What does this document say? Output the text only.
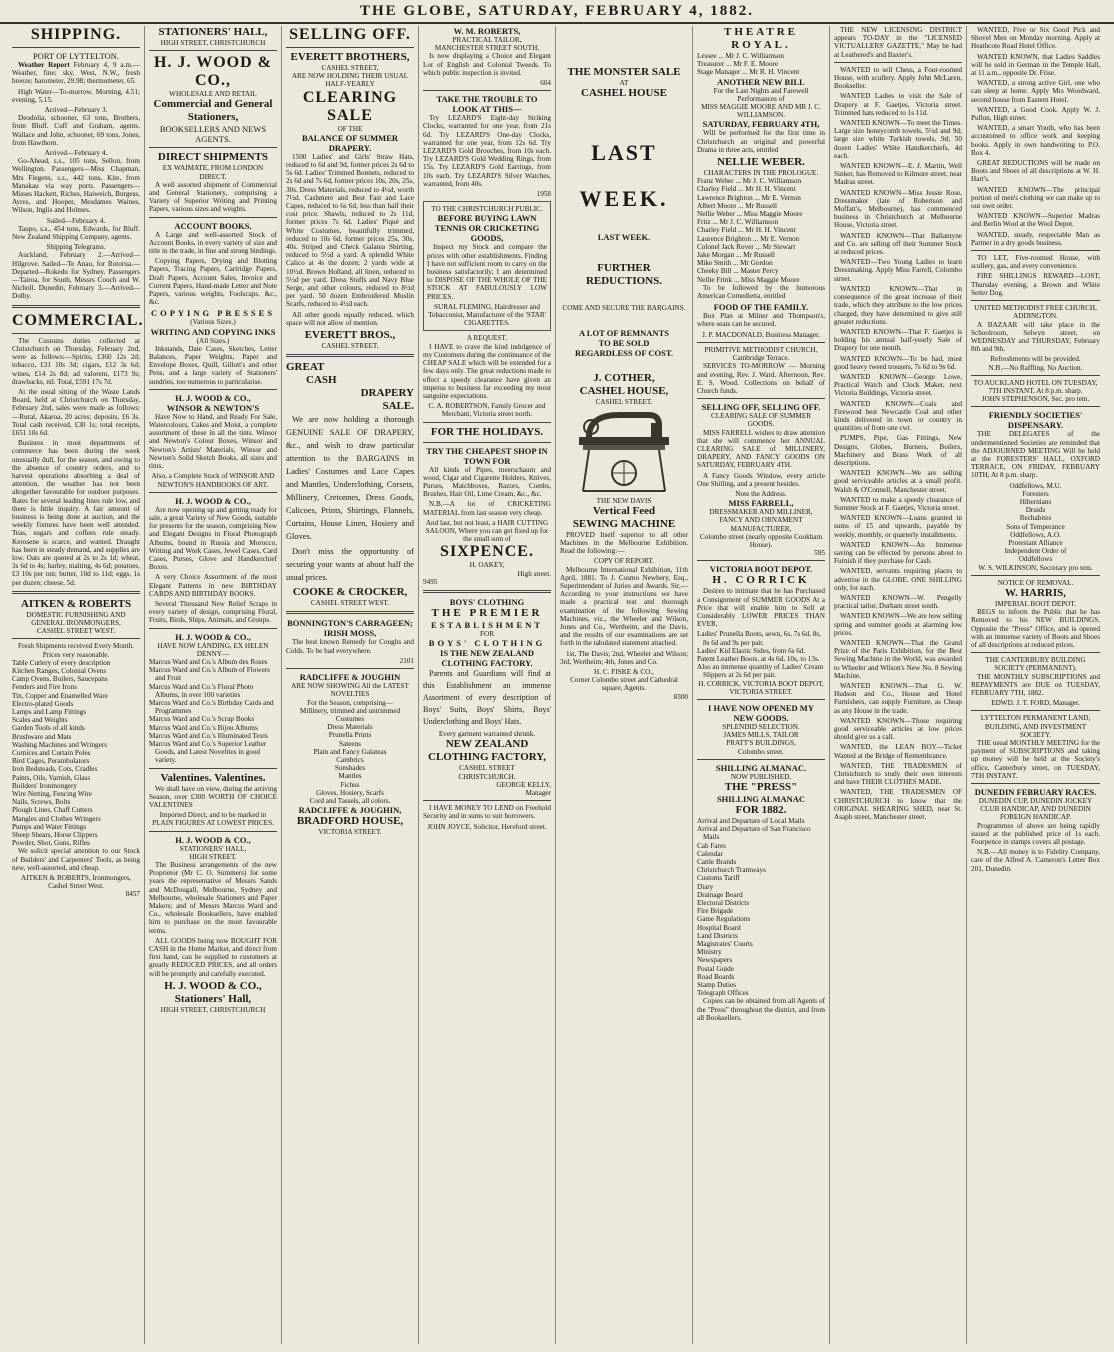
THE GLOBE, SATURDAY, FEBRUARY 4, 1882.
SHIPPING.
PORT OF LYTTELTON.
Weather Report February 4, 9 a.m.—Weather, fine; sky, West, N.W., fresh breeze; barometer, 29.98; thermometer, 65.
High Water—To-morrow. Morning, 4.51; evening, 5.15.
Arrived—February 3.
Deodolia, schooner, 63 tons, Brothers, from Bluff. Cuff and Graham, agents. Wallace and John, schooner, 69 tons, Jones, from Hawthorn.
Arrived—February 4.
Go-Ahead, s.s., 105 tons, Sellon, from Wellington. Passengers—Miss Chapman, Mrs Fiegens, s.s., 442 tons, Kite, from Manakau via way ports. Passengers—Misses Hackett, Riches, Haiweich, Burgess, Ayres, and Hooper, Mesdames Waines, Wilson, Inglis and Holmes.
Sailed—February 4.
Taupo, s.s., 454 tons, Edwards, for Bluff. New Zealand Shipping Company, agents.
Shipping Telegrams.
Auckland, February 2.—Arrived—Hilgrove. Sailed—Te Anau, for Rotorua.—Departed—Rokedu for Sydney. Passengers—Tairoa, for South, Messrs Cooch and W. Nicholl. Dunedin, February 3.—Arrived—Dolby.
COMMERCIAL.
The Customs duties collected at Christchurch on Thursday, February 2nd, were as follows:—Spirits, £360 12s 2d; tobacco, £31 10s 3d; cigars, £12 3s 6d; wines, £14 2s 8d; ad valorem, £173 9s; drawbacks, nil. Total, £591 17s 7d.
At the usual sitting of the Waste Lands Board, held at Christchurch on Thursday, February 2nd, sales were made as follows:—Rural, Akaroa, 20 acres; deposits, £6 3s. Total cash received, £30 1s; total receipts, £651 10s 6d.
Business in most departments of commerce has been during the week unusually dull, for the season, and owing to the absence of country orders, and to harvest operations absorbing a deal of attention, the weather has not been altogether favourable for outdoor purposes. Rates for several leading lines rule low, and there is little inquiry. A fair amount of business is being done at auction, and the weekly fixtures have been well attended. Teas, sugars and coffees rule steady. Kerosene is scarce, and wanted. Draught has been in steady demand, and supplies are low. Oats are quoted at 2s to 2s 1d; wheat, 3s 6d to 4s; barley, malting, 4s 6d; potatoes, £3 10s per ton; butter, 10d to 11d; eggs, 1s per dozen; cheese, 5d.
AITKEN & ROBERTS
DOMESTIC FURNISHING AND GENERAL IRONMONGERS,
CASHEL STREET WEST.
Fresh Shipments received Every Month. Prices very reasonable.
Table Cutlery of every description
Kitchen Ranges, Colonial Ovens
Camp Ovens, Boilers, Saucepans
Fenders and Fire Irons
Tin, Copper and Enamelled Ware
Electro-plated Goods
Lamps and Lamp Fittings
Scales and Weights
Garden Tools of all kinds
Brushware and Mats
Washing Machines and Wringers
Cornices and Curtain Poles
Bird Cages, Perambulators
Iron Bedsteads, Cots, Cradles
Paints, Oils, Varnish, Glass
Builders' Ironmongery
Wire Netting, Fencing Wire
Nails, Screws, Bolts
Plough Lines, Chaff Cutters
Mangles and Clothes Wringers
Pumps and Water Fittings
Sheep Shears, Horse Clippers
Powder, Shot, Guns, Rifles
We solicit special attention to our Stock of Builders' and Carpenters' Tools, as being new, well-assorted, and cheap.
AITKEN & ROBERTS, Ironmongers, Cashel Street West.
8457
STATIONERS' HALL,
HIGH STREET, CHRISTCHURCH
H. J. WOOD & CO.,
WHOLESALE AND RETAIL
Commercial and General Stationers,
BOOKSELLERS AND NEWS AGENTS.
DIRECT SHIPMENTS
EX WAIMATE, FROM LONDON DIRECT.
A well assorted shipment of Commercial and General Stationery, comprising a Variety of Superior Writing and Printing Papers, various sizes and weights.
ACCOUNT BOOKS.
A Large and well-assorted Stock of Account Books, in every variety of size and title in the trade, in fine and strong bindings.
Copying Papers, Drying and Blotting Papers, Tracing Papers, Cartridge Papers, Draft Papers, Account Sales, Invoice and Current Papers, Hand-made Letter and Note Papers, various weights, Foolscaps, &c., &c.
COPYING PRESSES
(Various Sizes.)
WRITING AND COPYING INKS
(All Sizes.)
Inkstands, Date Cases, Sketches, Letter Balances, Paper Weights, Paper and Envelope Boxes, Quill, Gillott's and other Pens, and a large variety of Stationers' sundries, too numerous to particularise.
H. J. WOOD & CO.,
WINSOR & NEWTON'S
Have Now to Hand, and Ready For Sale, Watercolours, Cakes and Moist, a complete assortment of these in all the tints. Winsor and Newton's Colour Boxes, Winsor and Newton's Artists' Materials, Winsor and Newton's Solid Sketch Books, all sizes and tints.
Also, a Complete Stock of WINSOR AND NEWTON'S HANDBOOKS OF ART.
H. J. WOOD & CO.,
Are now opening up and getting ready for sale, a great Variety of New Goods, suitable for presents for the season, comprising New and Elegant Designs in Floral Photograph Albums, bound in Russia and Morocco, Writing and Work Cases, Jewel Cases, Card Cases, Purses, Glove and Handkerchief Boxes.
A very Choice Assortment of the most Elegant Patterns in new BIRTHDAY CARDS AND BIRTHDAY BOOKS.
Several Thousand New Relief Scraps in every variety of design, comprising Floral, Fruits, Birds, Ships, Animals, and Groups.
H. J. WOOD & CO.,
HAVE NOW LANDING, EX HELEN DENNY—
Marcus Ward and Co.'s Album des Roses
Marcus Ward and Co.'s Album of Flowers and Fruit
Marcus Ward and Co.'s Floral Photo Albums, in over 100 varieties
Marcus Ward and Co.'s Birthday Cards and Programmes
Marcus Ward and Co.'s Scrap Books
Marcus Ward and Co.'s Bijou Albums
Marcus Ward and Co.'s Illuminated Texts
Marcus Ward and Co.'s Superior Leather Goods, and Latest Novelties in good variety.
Valentines. Valentines.
We shall have on view, during the arriving Season, over £300 WORTH OF CHOICE VALENTINES
Imported Direct, and to be marked in PLAIN FIGURES AT LOWEST PRICES.
H. J. WOOD & CO.,
STATIONERS' HALL,
HIGH STREET.
The Business arrangements of the new Proprietor (Mr C. O. Summers) for some years the representative of Messrs Sands and McDougall, Melbourne, Sydney and Melbourne, wholesale Stationers and Paper Makers; and of Messrs Marcus Ward and Co., wholesale Booksellers, have enabled him to purchase on the most favourable terms.
ALL GOODS being now BOUGHT FOR CASH in the Home Market, and direct from first hand, can be supplied to customers at greatly REDUCED PRICES, and all orders will be promptly and carefully executed.
H. J. WOOD & CO.,
Stationers' Hall,
HIGH STREET, CHRISTCHURCH
SELLING OFF.
EVERETT BROTHERS,
CASHEL STREET,
ARE NOW HOLDING THEIR USUAL HALF-YEARLY
CLEARING SALE
OF THE
BALANCE OF SUMMER DRAPERY.
1500 Ladies' and Girls' Straw Hats, reduced to 6d and 9d, former prices 2s 6d to 5s 6d. Ladies' Trimmed Bonnets, reduced to 2s 6d and 7s 6d, former prices 10s, 20s, 25s, 30s. Dress Materials, reduced to 4½d, worth 7½d. Cashmere and Best Fast and Lace Capes, reduced to 6s 6d, less than half their cost price. Shawls, reduced to 2s 11d, former prices 7s 6d. Ladies' Piqué and White Costumes, beautifully trimmed, reduced to 10s 6d, former prices 25s, 30s, 40s. Striped and Check Galatea Shirting, reduced to 5½d a yard. A splendid White Calico at 4s the dozen; 2 yards wide at 10½d. Brown Holland, all linen, reduced to 5½d per yard. Dress Stuffs and Navy Blue Serge, and other colours, reduced to 8½d per yard. 50 dozen Embroidered Muslin Scarfs, reduced to 4½d each.
All other goods equally reduced, which space will not allow of mention.
EVERETT BROS.,
CASHEL STREET.
GREAT
CASH
DRAPERY
SALE.
We are now holding a thorough GENUINE SALE OF DRAPERY, &c., and wish to draw particular attention to the BARGAINS in Ladies' Costumes and Lace Capes and Mantles, Underclothing, Corsets, Millinery, Cretonnes, Dress Goods, Calicoes, Prints, Shirtings, Flannels, Curtains, House Linen, Hosiery and Gloves.
Don't miss the opportunity of securing your wants at about half the usual prices.
COOKE & CROCKER,
CASHEL STREET WEST.
BONNINGTON'S CARRAGEEN; IRISH MOSS,
The best known Remedy for Coughs and Colds. To be had everywhere.
2101
RADCLIFFE & JOUGHIN
ARE NOW SHOWING All the LATEST NOVELTIES
For the Season, comprising—
Millinery, trimmed and untrimmed
Costumes
Dress Materials
Prunella Prints
Sateens
Plain and Fancy Galateas
Cambrics
Sunshades
Mantles
Fichus
Gloves, Hosiery, Scarfs
Cord and Tassels, all colors.
RADCLIFFE & JOUGHIN,
BRADFORD HOUSE,
VICTORIA STREET.
W. M. ROBERTS,
PRACTICAL TAILOR,
MANCHESTER STREET SOUTH,
Is now displaying a Choice and Elegant Lot of English and Colonial Tweeds. To which public inspection is invited.
604
TAKE THE TROUBLE TO LOOK AT THIS—
Try LEZARD'S Eight-day Striking Clocks, warranted for one year, from 21s 6d. Try LEZARD'S One-day Clocks, warranted for one year, from 12s 6d. Try LEZARD'S Gold Brooches, from 10s each. Try LEZARD'S Gold Wedding Rings, from 15s. Try LEZARD'S Gold Earrings, from 10s each. Try LEZARD'S Silver Watches, warranted, from 40s.
1958
TO THE CHRISTCHURCH PUBLIC.
BEFORE BUYING LAWN TENNIS OR CRICKETING GOODS,
Inspect my Stock and compare the prices with other establishments. Finding I have not sufficient room to carry on the business satisfactorily, I am determined to DISPOSE OF THE WHOLE OF THE STOCK AT FABULOUSLY LOW PRICES.
SURAL FLEMING, Hairdresser and Tobacconist, Manufacturer of the 'STAR' CIGARETTES.
A REQUEST.
I HAVE to crave the kind indulgence of my Customers during the continuance of the CHEAP SALE which will be extended for a few days only. The great reductions made to effect a speedy clearance have given an impetus to business far exceeding my most sanguine expectations.
C. A. ROBERTSON, Family Grocer and Merchant, Victoria street north.
FOR THE HOLIDAYS.
TRY THE CHEAPEST SHOP IN TOWN FOR
All kinds of Pipes, meerschaum and wood, Cigar and Cigarette Holders, Knives, Purses, Matchboxes, Razors, Combs, Brushes, Hair Oil, Lime Cream, &c., &c.
N.B.—A lot of CRICKETING MATERIAL from last season very cheap.
And last, but not least, a HAIR CUTTING SALOON, Where you can get fixed up for the small sum of
SIXPENCE.
H. OAKEY,
High street.
9495
BOYS' CLOTHING
THE PREMIER
ESTABLISHMENT
FOR
BOYS' CLOTHING
IS THE NEW ZEALAND CLOTHING FACTORY.
Parents and Guardians will find at this Establishment an immense Assortment of every description of Boys' Suits, Boys' Shirts, Boys' Underclothing and Boys' Hats.
Every garment warranted shrunk.
NEW ZEALAND CLOTHING FACTORY,
CASHEL STREET
CHRISTCHURCH.
GEORGE KELLY,
Manager
I HAVE MONEY TO LEND on Freehold Security and in sums to suit borrowers.
JOHN JOYCE, Solicitor, Hereford street.
THE MONSTER SALE
AT
CASHEL HOUSE
LAST
WEEK.
LAST WEEK.
FURTHER
REDUCTIONS.
COME AND SECURE THE BARGAINS.
A LOT OF REMNANTS
TO BE SOLD
REGARDLESS OF COST.
J. COTHER,
CASHEL HOUSE,
CASHEL STREET.
THE NEW DAVIS
Vertical Feed
SEWING MACHINE
PROVED Itself superior to all other Machines in the Melbourne Exhibition. Read the following:—
COPY OF REPORT.
Melbourne International Exhibition, 11th April, 1881. To J. Cosmo Newbery, Esq., Superintendent of Juries and Awards. Sir,—According to your instructions we have made a practical test and thorough examination of the following Sewing Machines, viz., the Wheeler and Wilson, Jones and Co., Wertheim, and the Davis, and the results of our examinations are set forth in the tabulated statement attached.
1st, The Davis; 2nd, Wheeler and Wilson; 3rd, Wertheim; 4th, Jones and Co.
H. C. FISKE & CO.,
Corner Colombo street and Cathedral square, Agents.
8300
THEATRE ROYAL.
Lessee ... Mr J. C. Williamson
Treasurer ... Mr F. E. Moore
Stage Manager ... Mr R. H. Vincent
ANOTHER NEW BILL
For the Last Nights and Farewell Performances of
MISS MAGGIE MOORE AND MR J. C. WILLIAMSON.
SATURDAY, FEBRUARY 4TH,
Will be performed for the first time in Christchurch an original and powerful Drama in three acts, entitled
NELLIE WEBER.
CHARACTERS IN THE PROLOGUE.
Franz Weber ... Mr J. C. Williamson
Charley Field ... Mr H. H. Vincent
Lawrence Brighton ... Mr E. Vernon
Albert Moore ... Mr Russell
Nellie Weber ... Miss Maggie Moore
Fritz ... Mr J. C. Williamson
Charley Field ... Mr H. H. Vincent
Laurence Brighton ... Mr E. Vernon
Colonel Jack Rover ... Mr Stewart
Jake Morgan ... Mr Russell
Mike Smith ... Mr Gordon
Cheeky Bill ... Master Percy
Nellie Frink ... Miss Maggie Moore
To be followed by the humorous American Comedietta, entitled
FOOD OF THE FAMILY.
Box Plan at Milner and Thompson's, where seats can be secured.
J. P. MACDONALD, Business Manager.
PRIMITIVE METHODIST CHURCH, Cambridge Terrace.
SERVICES TO-MORROW — Morning and evening, Rev. J. Ward. Afternoon, Rev. E. S. Wood. Collections on behalf of Church funds.
SELLING OFF, SELLING OFF.
CLEARING SALE OF SUMMER GOODS.
MISS FARRELL wishes to draw attention that she will commence her ANNUAL CLEARING SALE of MILLINERY, DRAPERY, AND FANCY GOODS ON SATURDAY, FEBRUARY 4TH.
A Fancy Goods Window, every article One Shilling, and a present besides.
Note the Address.
MISS FARRELL,
DRESSMAKER AND MILLINER, FANCY AND ORNAMENT MANUFACTURER,
Colombo street (nearly opposite Cookham House).
595
VICTORIA BOOT DEPOT.
H. CORRICK
Desires to intimate that he has Purchased a Consignment of SUMMER GOODS At a Price that will enable him to Sell at Considerably LOWER PRICES THAN EVER.
Ladies' Prunella Boots, sewn, 6s, 7s 6d, 8s, 8s 6d and 9s per pair.
Ladies' Kid Elastic Sides, from 6s 6d.
Patent Leather Boots, at 4s 6d, 10s, to 13s.
Also an immense quantity of Ladies' Cream Slippers at 2s 6d per pair.
H. CORRICK, VICTORIA BOOT DEPOT, VICTORIA STREET.
I HAVE NOW OPENED MY NEW GOODS.
SPLENDID SELECTION.
JAMES MILLS, TAILOR
PRATT'S BUILDINGS,
Colombo street.
SHILLING ALMANAC.
NOW PUBLISHED,
THE "PRESS"
SHILLING ALMANAC
FOR 1882.
Arrival and Departure of Local Mails
Arrival and Departure of San Francisco Mails
Cab Fares
Calendar
Cattle Brands
Christchurch Tramways
Customs Tariff
Diary
Drainage Board
Electoral Districts
Fire Brigade
Game Regulations
Hospital Board
Land Districts
Magistrates' Courts
Ministry
Newspapers
Postal Guide
Road Boards
Stamp Duties
Telegraph Offices
Copies can be obtained from all Agents of the "Press" throughout the district, and from all Booksellers.
THE NEW LICENSING DISTRICT appears TO-DAY in the "LICENSED VICTUALLERS' GAZETTE," May be had at Leathered's and Baxter's.
WANTED to sell Chess, a Four-roomed House, with scullery. Apply John McLaren, Bookseller.
WANTED Ladies to visit the Sale of Drapery at F. Gaetjes, Victoria street. Trimmed hats reduced to 1s 11d.
WANTED KNOWN—To meet the Times. Large size honeycomb towels, 5½d and 9d; large size white Turkish towels, 9d; 50 dozen Ladies' White Handkerchiefs, 4d each.
WANTED KNOWN—E. J. Martin, Well Sinker, has Removed to Kilmore street, near Madras street.
WANTED KNOWN—Miss Jessie Rose, Dressmaker (late of Robertson and Moffatt's, Melbourne), has commenced business in Christchurch at Melbourne House, Victoria street.
WANTED KNOWN—That Ballantyne and Co. are selling off their Summer Stock at reduced prices.
WANTED—Two Young Ladies to learn Dressmaking. Apply Miss Farrell, Colombo street.
WANTED KNOWN—That in consequence of the great increase of their trade, which they attribute to the low prices charged, they have determined to give still greater reductions.
WANTED KNOWN—That F. Gaetjes is holding his annual half-yearly Sale of Drapery for one month.
WANTED KNOWN—To be had, most good heavy tweed trousers, 7s 6d to 9s 6d.
WANTED KNOWN—George Lowe, Practical Watch and Clock Maker, next Victoria Buildings, Victoria street.
WANTED KNOWN—Coals and Firewood best Newcastle Coal and other kinds delivered in town or country in quantities of from one cwt.
PUMPS, Pipe, Gas Fittings, New Designs, Globes, Burners, Boilers, Machinery and Brass Work of all descriptions.
WANTED KNOWN—We are selling good serviceable articles at a small profit. Walsh & O'Connell, Manchester street.
WANTED to make a speedy clearance of Summer Stock at F. Gaetjes, Victoria street.
WANTED KNOWN—Loans granted in sums of £5 and upwards, payable by weekly, monthly, or quarterly installments.
WANTED KNOWN—An Immense saving can be effected by persons about to Furnish if they purchase for Cash.
WANTED, servants requiring places to advertise in the GLOBE. ONE SHILLING only, for each.
WANTED KNOWN—W. Pengelly practical tailor, Durham street south.
WANTED KNOWN—We are now selling spring and summer goods at alarming low prices.
WANTED KNOWN—That the Grand Prize of the Paris Exhibition, for the Best Sewing Machine in the World, was awarded to Wheeler and Wilson's New No. 8 Sewing Machine.
WANTED KNOWN—That G. W. Hudson and Co., House and Hotel Furnishers, can supply Furniture, as Cheap as any House in the trade.
WANTED KNOWN—Those requiring good serviceable articles at low prices should give us a call.
WANTED, the LEAN BOY—Ticket Wanted at the Bridge of Remembrance.
WANTED, THE TRADESMEN of Christchurch to study their own interests and have THEIR CLOTHES MADE.
WANTED, THE TRADESMEN OF CHRISTCHURCH to know that the ORIGINAL SHEARING SHED, near St. Asaph street, Manchester street.
WANTED, Five or Six Good Pick and Shovel Men on Monday morning. Apply at Heathcote Road Hotel Office.
WANTED KNOWN, that Ladies Saddles will be sold in German in the Temple Hall, at 11 a.m., opposite Dr. Frise.
WANTED, a strong active Girl, one who can sleep at home. Apply Mrs Woodward, second house from Eastern Hotel.
WANTED, a Good Cook. Apply W. J. Pullon, High street.
WANTED, a smart Youth, who has been accustomed to office work and keeping books. Apply in own handwriting to P.O. Box 4.
GREAT REDUCTIONS will be made on Boots and Shoes of all descriptions at W. H. Hart's.
WANTED KNOWN—The principal portion of men's clothing we can make up to our own order.
WANTED KNOWN—Superior Madras and Berlin Wool at the Wool Depot.
WANTED, steady, respectable Man as Partner in a dry goods business.
TO LET, Five-roomed House, with scullery, gas, and every convenience.
FIRE SHILLINGS REWARD—LOST, Thursday evening, a Brown and White Setter Dog.
UNITED METHODIST FREE CHURCH, ADDINGTON.
A BAZAAR will take place in the Schoolroom, Selwyn street, on WEDNESDAY and THURSDAY, February 8th and 9th.
Refreshments will be provided.
N.B.—No Raffling. No Auction.
TO AUCKLAND HOTEL ON TUESDAY, 7TH INSTANT, At 8 p.m. sharp.
JOHN STEPHENSON, Sec. pro tem.
FRIENDLY SOCIETIES' DISPENSARY.
THE DELEGATES of the undermentioned Societies are reminded that the ADJOURNED MEETING Will be held at the FORESTERS' HALL, OXFORD TERRACE, ON FRIDAY, FEBRUARY 10TH, At 8 p.m. sharp.
Oddfellows, M.U.
Foresters
Hibernians
Druids
Rechabites
Sons of Temperance
Oddfellows, A.O.
Protestant Alliance
Independent Order of
Oddfellows
W. S. WILKINSON, Secretary pro tem.
NOTICE OF REMOVAL.
W. HARRIS,
IMPERIAL BOOT DEPOT.
BEGS to inform the Public that he has Removed to his NEW BUILDINGS, Opposite the "Press" Office, and is opened with an immense variety of Boots and Shoes of all descriptions at reduced prices.
THE CANTERBURY BUILDING SOCIETY (PERMANENT).
THE MONTHLY SUBSCRIPTIONS and REPAYMENTS are DUE on TUESDAY, FEBRUARY 7TH, 1882.
EDWD. J. T. FORD, Manager.
LYTTELTON PERMANENT LAND, BUILDING, AND INVESTMENT SOCIETY.
THE usual MONTHLY MEETING for the payment of SUBSCRIPTIONS and taking up money will be held at the Society's office, Canterbury street, on TUESDAY, 7TH INSTANT.
DUNEDIN FEBRUARY RACES.
DUNEDIN CUP, DUNEDIN JOCKEY CLUB HANDICAP, AND DUNEDIN FOREIGN HANDICAP.
Programmes of above are being rapidly issued at the published price of 1s each. Fourpence in stamps covers all postage.
N.B.—All money is to Fidelity Company, care of the Alfred A. Cameron's Letter Box 201, Dunedin.
